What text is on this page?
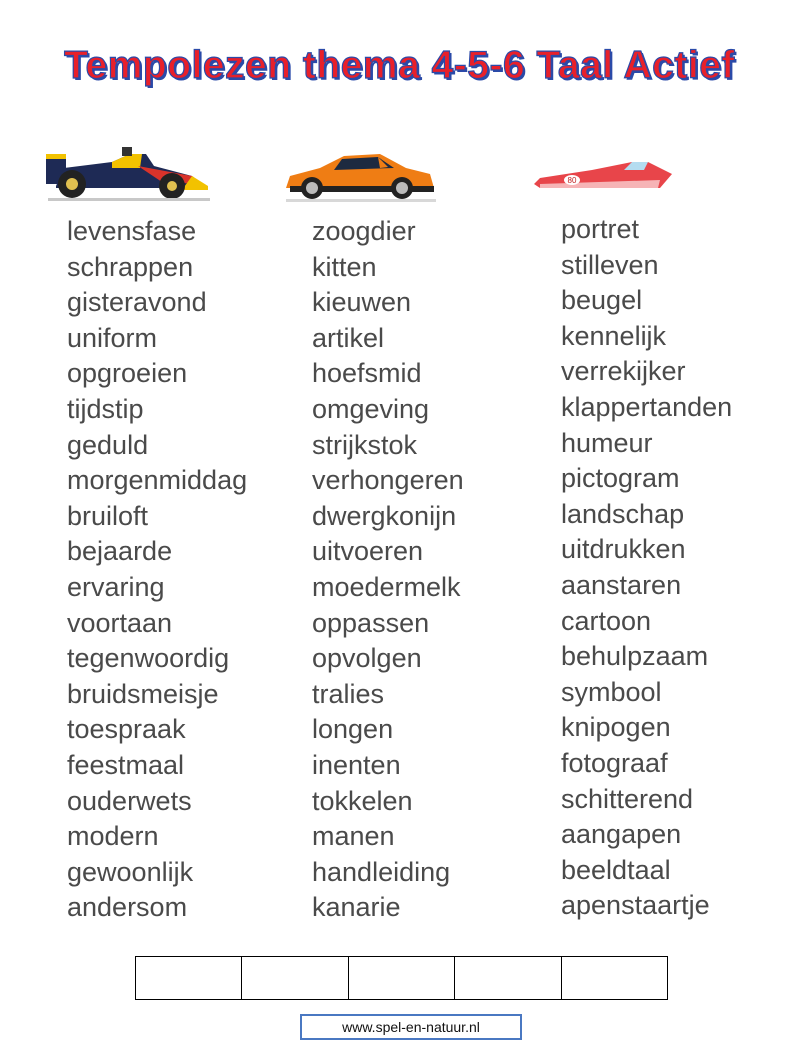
Tempolezen thema 4-5-6 Taal Actief
80
levensfase
schrappen
gisteravond
uniform
opgroeien
tijdstip
geduld
morgenmiddag
bruiloft
bejaarde
ervaring
voortaan
tegenwoordig
bruidsmeisje
toespraak
feestmaal
ouderwets
modern
gewoonlijk
andersom
zoogdier
kitten
kieuwen
artikel
hoefsmid
omgeving
strijkstok
verhongeren
dwergkonijn
uitvoeren
moedermelk
oppassen
opvolgen
tralies
longen
inenten
tokkelen
manen
handleiding
kanarie
portret
stilleven
beugel
kennelijk
verrekijker
klappertanden
humeur
pictogram
landschap
uitdrukken
aanstaren
cartoon
behulpzaam
symbool
knipogen
fotograaf
schitterend
aangapen
beeldtaal
apenstaartje
www.spel-en-natuur.nl
